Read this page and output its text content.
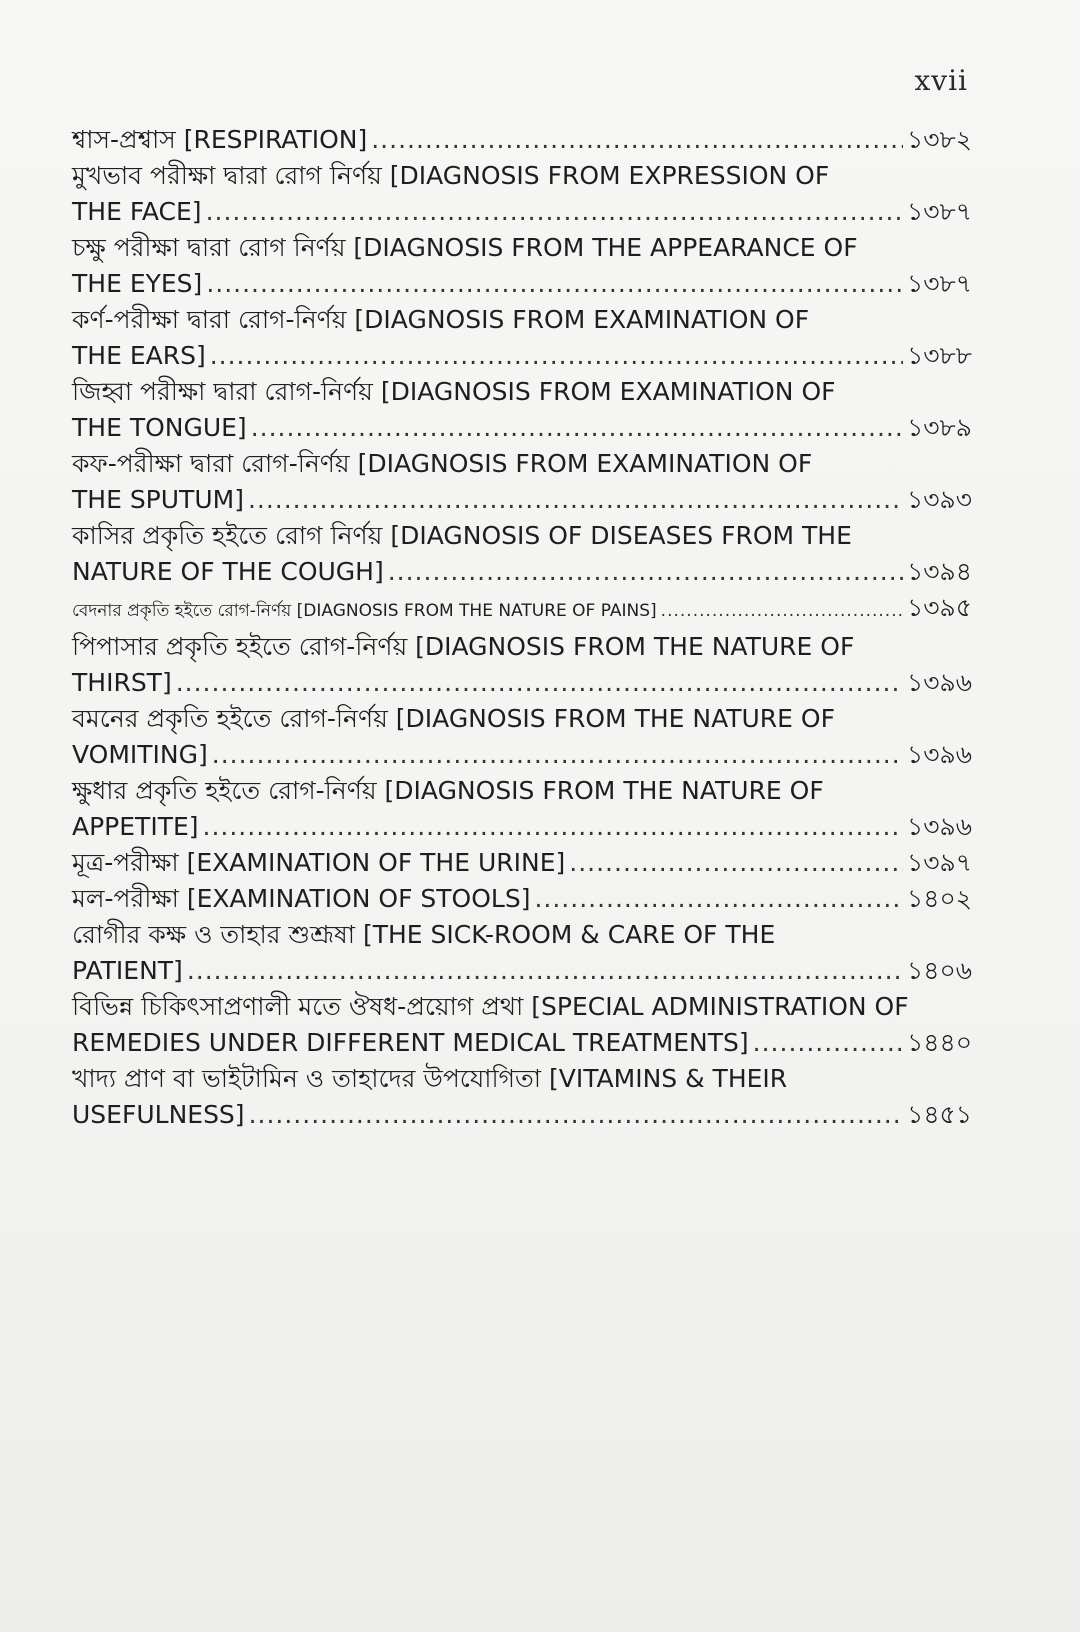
xvii
শ্বাস-প্রশ্বাস [RESPIRATION] .....	১৩৮২
মুখভাব পরীক্ষা দ্বারা রোগ নির্ণয় [DIAGNOSIS FROM EXPRESSION OF
THE FACE] .....	১৩৮৭
চক্ষু পরীক্ষা দ্বারা রোগ নির্ণয় [DIAGNOSIS FROM THE APPEARANCE OF
THE EYES] .....	১৩৮৭
কর্ণ-পরীক্ষা দ্বারা রোগ-নির্ণয় [DIAGNOSIS FROM EXAMINATION OF
THE EARS] .....	১৩৮৮
জিহ্বা পরীক্ষা দ্বারা রোগ-নির্ণয় [DIAGNOSIS FROM EXAMINATION OF
THE TONGUE] .....	১৩৮৯
কফ-পরীক্ষা দ্বারা রোগ-নির্ণয় [DIAGNOSIS FROM EXAMINATION OF
THE SPUTUM] .....	১৩৯৩
কাসির প্রকৃতি হইতে রোগ নির্ণয় [DIAGNOSIS OF DISEASES FROM THE
NATURE OF THE COUGH] .....	১৩৯৪
বেদনার প্রকৃতি হইতে রোগ-নির্ণয় [DIAGNOSIS FROM THE NATURE OF PAINS] .....	১৩৯৫
পিপাসার প্রকৃতি হইতে রোগ-নির্ণয় [DIAGNOSIS FROM THE NATURE OF
THIRST] .....	১৩৯৬
বমনের প্রকৃতি হইতে রোগ-নির্ণয় [DIAGNOSIS FROM THE NATURE OF
VOMITING] .....	১৩৯৬
ক্ষুধার প্রকৃতি হইতে রোগ-নির্ণয় [DIAGNOSIS FROM THE NATURE OF
APPETITE] .....	১৩৯৬
মূত্র-পরীক্ষা [EXAMINATION OF THE URINE] .....	১৩৯৭
মল-পরীক্ষা [EXAMINATION OF STOOLS] .....	১৪০২
রোগীর কক্ষ ও তাহার শুশ্রূষা [THE SICK-ROOM & CARE OF THE
PATIENT] .....	১৪০৬
বিভিন্ন চিকিৎসাপ্রণালী মতে ঔষধ-প্রয়োগ প্রথা [SPECIAL ADMINISTRATION OF
REMEDIES UNDER DIFFERENT MEDICAL TREATMENTS] .....	১৪৪০
খাদ্য প্রাণ বা ভাইটামিন ও তাহাদের উপযোগিতা [VITAMINS & THEIR
USEFULNESS] .....	১৪৫১
